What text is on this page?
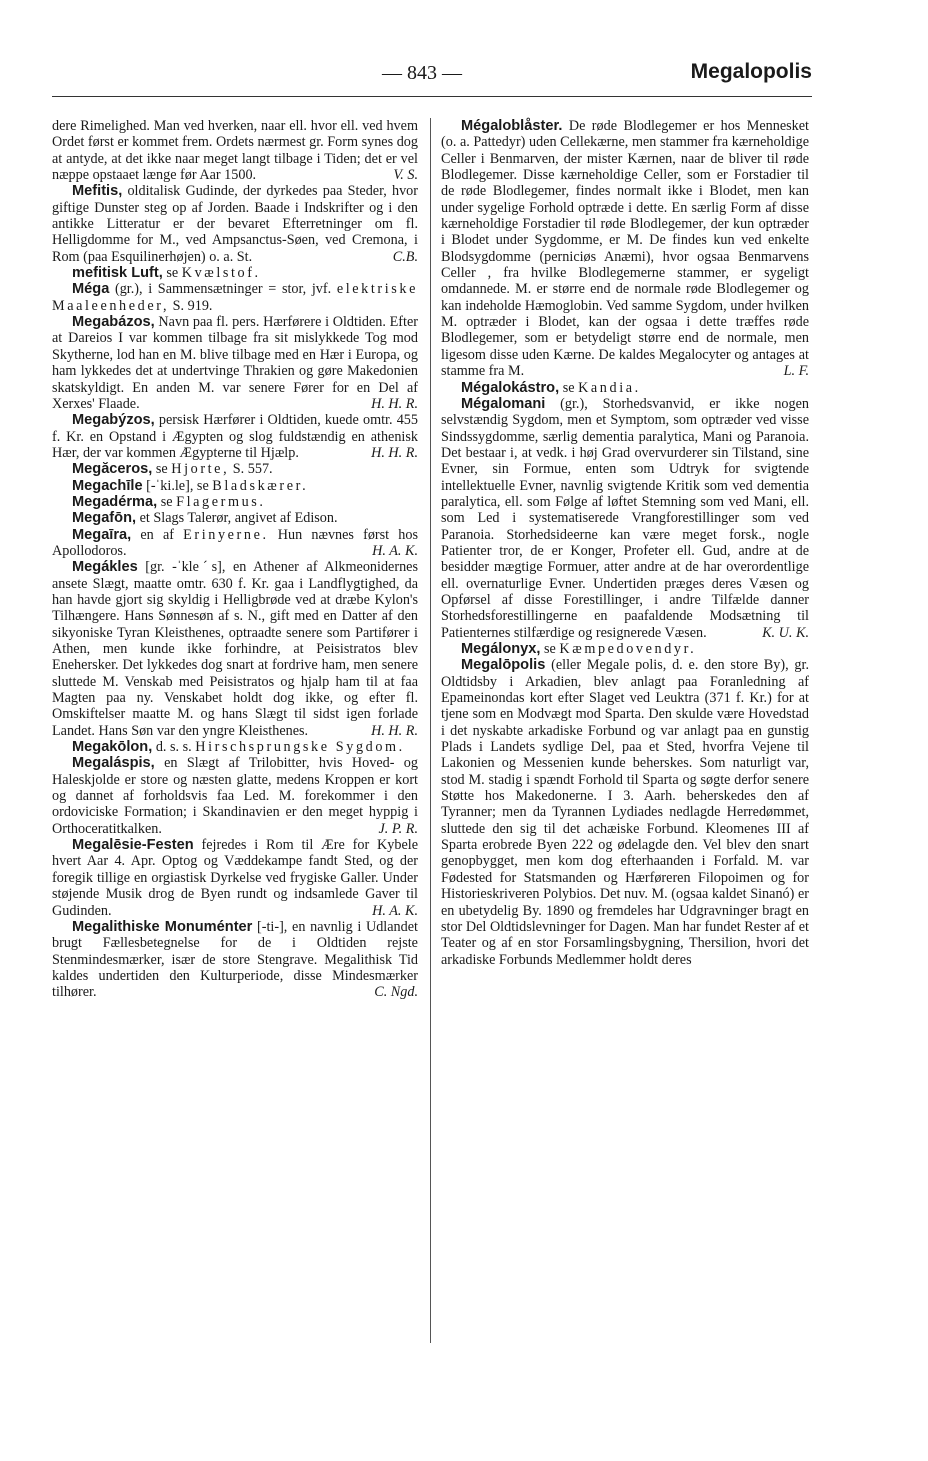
— 843 —	Megalopolis

dere Rimelighed. Man ved hverken, naar ell. hvor ell. ved hvem Ordet først er kommet frem. Ordets nærmest gr. Form synes dog at antyde, at det ikke naar meget langt tilbage i Tiden; det er vel næppe opstaaet længe før Aar 1500.	V. S.

Mefitis, olditalisk Gudinde, der dyrkedes paa Steder, hvor giftige Dunster steg op af Jorden. Baade i Indskrifter og i den antikke Litteratur er der bevaret Efterretninger om fl. Helligdomme for M., ved Ampsanctus-Søen, ved Cremona, i Rom (paa Esquilinerhøjen) o. a. St.	C.B.

mefitisk Luft, se Kvælstof.

Méga (gr.), i Sammensætninger = stor, jvf. elektriske Maaleenheder, S. 919.

Megabázos, Navn paa fl. pers. Hærførere i Oldtiden. Efter at Dareios I var kommen tilbage fra sit mislykkede Tog mod Skytherne, lod han en M. blive tilbage med en Hær i Europa, og ham lykkedes det at undertvinge Thrakien og gøre Makedonien skatskyldigt. En anden M. var senere Fører for en Del af Xerxes' Flaade.	H. H. R.

Megabýzos, persisk Hærfører i Oldtiden, kuede omtr. 455 f. Kr. en Opstand i Ægypten og slog fuldstændig en athenisk Hær, der var kommen Ægypterne til Hjælp.	H. H. R.

Megăceros, se Hjorte, S. 557.

Megachīle [-ˈki.le], se Bladskærer.

Megadérma, se Flagermus.

Megafōn, et Slags Talerør, angivet af Edison.

Megaīra, en af Erinyerne. Hun nævnes først hos Apollodoros.	H. A. K.

Megákles [gr. -ˈkleˊs], en Athener af Alkmeonidernes ansete Slægt, maatte omtr. 630 f. Kr. gaa i Landflygtighed, da han havde gjort sig skyldig i Helligbrøde ved at dræbe Kylon's Tilhængere. Hans Sønnesøn af s. N., gift med en Datter af den sikyoniske Tyran Kleisthenes, optraadte senere som Partifører i Athen, men kunde ikke forhindre, at Peisistratos blev Enehersker. Det lykkedes dog snart at fordrive ham, men senere sluttede M. Venskab med Peisistratos og hjalp ham til at faa Magten paa ny. Venskabet holdt dog ikke, og efter fl. Omskiftelser maatte M. og hans Slægt til sidst igen forlade Landet. Hans Søn var den yngre Kleisthenes.	H. H. R.

Megakōlon, d. s. s. Hirschsprungske Sygdom.

Megaláspis, en Slægt af Trilobitter, hvis Hoved- og Haleskjolde er store og næsten glatte, medens Kroppen er kort og dannet af forholdsvis faa Led. M. forekommer i den ordoviciske Formation; i Skandinavien er den meget hyppig i Orthoceratitkalken.	J. P. R.

Megalēsie-Festen fejredes i Rom til Ære for Kybele hvert Aar 4. Apr. Optog og Væddekampe fandt Sted, og der foregik tillige en orgiastisk Dyrkelse ved frygiske Galler. Under støjende Musik drog de Byen rundt og indsamlede Gaver til Gudinden.	H. A. K.

Megalithiske Monuménter [-ti-], en navnlig i Udlandet brugt Fællesbetegnelse for de i Oldtiden rejste Stenmindesmærker, især de store Stengrave. Megalithisk Tid kaldes undertiden den Kulturperiode, disse Mindesmærker tilhører.	C. Ngd.

Mégaloblåster. De røde Blodlegemer er hos Mennesket (o. a. Pattedyr) uden Cellekærne, men stammer fra kærneholdige Celler i Benmarven, der mister Kærnen, naar de bliver til røde Blodlegemer. Disse kærneholdige Celler, som er Forstadier til de røde Blodlegemer, findes normalt ikke i Blodet, men kan under sygelige Forhold optræde i dette. En særlig Form af disse kærneholdige Forstadier til røde Blodlegemer, der kun optræder i Blodet under Sygdomme, er M. De findes kun ved enkelte Blodsygdomme (perniciøs Anæmi), hvor ogsaa Benmarvens Celler , fra hvilke Blodlegemerne stammer, er sygeligt omdannede. M. er større end de normale røde Blodlegemer og kan indeholde Hæmoglobin. Ved samme Sygdom, under hvilken M. optræder i Blodet, kan der ogsaa i dette træffes røde Blodlegemer, som er betydeligt større end de normale, men ligesom disse uden Kærne. De kaldes Megalocyter og antages at stamme fra M.	L. F.

Mégalokástro, se Kandia.

Mégalomani (gr.), Storhedsvanvid, er ikke nogen selvstændig Sygdom, men et Symptom, som optræder ved visse Sindssygdomme, særlig dementia paralytica, Mani og Paranoia. Det bestaar i, at vedk. i høj Grad overvurderer sin Tilstand, sine Evner, sin Formue, enten som Udtryk for svigtende intellektuelle Evner, navnlig svigtende Kritik som ved dementia paralytica, ell. som Følge af løftet Stemning som ved Mani, ell. som Led i systematiserede Vrangforestillinger som ved Paranoia. Storhedsideerne kan være meget forsk., nogle Patienter tror, de er Konger, Profeter ell. Gud, andre at de besidder mægtige Formuer, atter andre at de har overordentlige ell. overnaturlige Evner. Undertiden præges deres Væsen og Opførsel af disse Forestillinger, i andre Tilfælde danner Storhedsforestillingerne en paafaldende Modsætning til Patienternes stilfærdige og resignerede Væsen.	K. U. K.

Megálonyx, se Kæmpedovendyr.

Megalōpolis (eller Megale polis, d. e. den store By), gr. Oldtidsby i Arkadien, blev anlagt paa Foranledning af Epameinondas kort efter Slaget ved Leuktra (371 f. Kr.) for at tjene som en Modvægt mod Sparta. Den skulde være Hovedstad i det nyskabte arkadiske Forbund og var anlagt paa en gunstig Plads i Landets sydlige Del, paa et Sted, hvorfra Vejene til Lakonien og Messenien kunde beherskes. Som naturligt var, stod M. stadig i spændt Forhold til Sparta og søgte derfor senere Støtte hos Makedonerne. I 3. Aarh. beherskedes den af Tyranner; men da Tyrannen Lydiades nedlagde Herredømmet, sluttede den sig til det achæiske Forbund. Kleomenes III af Sparta erobrede Byen 222 og ødelagde den. Vel blev den snart genopbygget, men kom dog efterhaanden i Forfald. M. var Fødested for Statsmanden og Hærføreren Filopoimen og for Historieskriveren Polybios. Det nuv. M. (ogsaa kaldet Sinanó) er en ubetydelig By. 1890 og fremdeles har Udgravninger bragt en stor Del Oldtidslevninger for Dagen. Man har fundet Rester af et Teater og af en stor Forsamlingsbygning, Thersilion, hvori det arkadiske Forbunds Medlemmer holdt deres
